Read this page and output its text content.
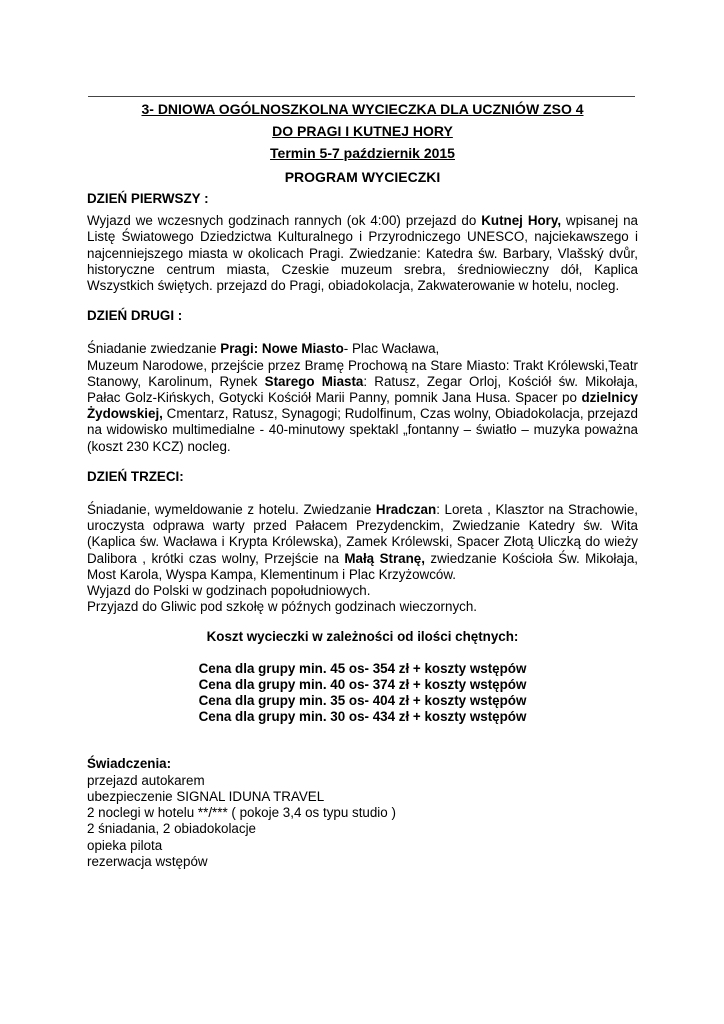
3- DNIOWA OGÓLNOSZKOLNA WYCIECZKA DLA UCZNIÓW ZSO 4

DO PRAGI I KUTNEJ HORY

Termin 5-7 październik 2015

PROGRAM WYCIECZKI

DZIEŃ PIERWSZY :

Wyjazd we wczesnych godzinach rannych (ok 4:00) przejazd do Kutnej Hory, wpisanej na
Listę Światowego Dziedzictwa Kulturalnego i Przyrodniczego UNESCO, najciekawszego i
najcenniejszego miasta w okolicach Pragi. Zwiedzanie: Katedra św. Barbary, Vlašský dvůr,
historyczne centrum miasta, Czeskie muzeum srebra, średniowieczny dół, Kaplica
Wszystkich świętych. przejazd do Pragi, obiadokolacja, Zakwaterowanie w hotelu, nocleg.

DZIEŃ DRUGI :

Śniadanie zwiedzanie Pragi: Nowe Miasto- Plac Wacława,
Muzeum Narodowe, przejście przez Bramę Prochową na Stare Miasto: Trakt Królewski,Teatr
Stanowy, Karolinum, Rynek Starego Miasta: Ratusz, Zegar Orloj, Kościół św. Mikołaja,
Pałac Golz-Kińskych, Gotycki Kościół Marii Panny, pomnik Jana Husa. Spacer po dzielnicy
Żydowskiej, Cmentarz, Ratusz, Synagogi; Rudolfinum, Czas wolny, Obiadokolacja, przejazd
na widowisko multimedialne - 40-minutowy spektakl „fontanny – światło – muzyka poważna
(koszt 230 KCZ) nocleg.

DZIEŃ TRZECI:

Śniadanie, wymeldowanie z hotelu. Zwiedzanie Hradczan: Loreta , Klasztor na Strachowie,
uroczysta odprawa warty przed Pałacem Prezydenckim, Zwiedzanie Katedry św. Wita
(Kaplica św. Wacława i Krypta Królewska), Zamek Królewski, Spacer Złotą Uliczką do wieży
Dalibora , krótki czas wolny, Przejście na Małą Stranę, zwiedzanie Kościoła Św. Mikołaja,
Most Karola, Wyspa Kampa, Klementinum i Plac Krzyżowców.
Wyjazd do Polski w godzinach popołudniowych.
Przyjazd do Gliwic pod szkołę w późnych godzinach wieczornych.

Koszt wycieczki w zależności od ilości chętnych:

Cena dla grupy min. 45 os- 354 zł + koszty wstępów

Cena dla grupy min. 40 os- 374 zł + koszty wstępów

Cena dla grupy min. 35 os- 404 zł + koszty wstępów

Cena dla grupy min. 30 os- 434 zł + koszty wstępów

Świadczenia:

przejazd autokarem

ubezpieczenie SIGNAL IDUNA TRAVEL

2 noclegi w hotelu **/*** ( pokoje 3,4 os typu studio )

2 śniadania, 2 obiadokolacje

opieka pilota

rezerwacja wstępów
